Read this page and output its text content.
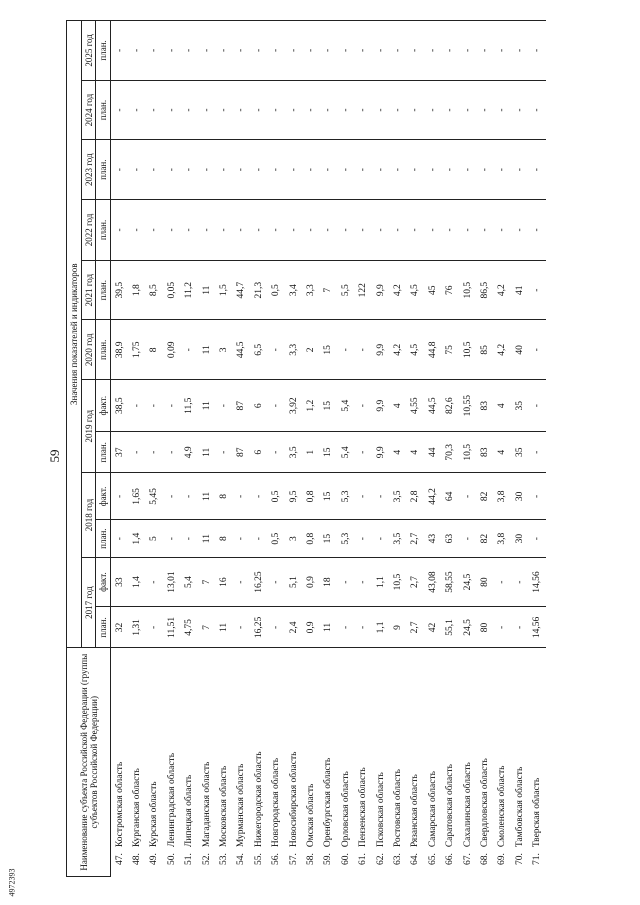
59
4972393
Наименование субъекта Российской Федерации (группы субъектов Российской Федерации)		Значения показателей и индикаторов											
		2017 год		2018 год		2019 год		2020 год	2021 год	2022 год	2023 год	2024 год	2025 год
		план.	факт.	план.	факт.	план.	факт.	план.	план.	план.	план.	план.	план.
47.	Костромская область	32	33	-	-	37	38,5	38,9	39,5	-	-	-	-
48.	Курганская область	1,31	1,4	1,4	1,65	-	-	1,75	1,8	-	-	-	-
49.	Курская область	-	-	5	5,45	-	-	8	8,5	-	-	-	-
50.	Ленинградская область	11,51	13,01	-	-	-	-	0,09	0,05	-	-	-	-
51.	Липецкая область	4,75	5,4	-	-	4,9	11,5	-	11,2	-	-	-	-
52.	Магаданская область	7	7	11	11	11	11	11	11	-	-	-	-
53.	Московская область	11	16	8	8	-	-	3	1,5	-	-	-	-
54.	Мурманская область	-	-	-	-	87	87	44,5	44,7	-	-	-	-
55.	Нижегородская область	16,25	16,25	-	-	6	6	6,5	21,3	-	-	-	-
56.	Новгородская область	-	-	0,5	0,5	-	-	-	0,5	-	-	-	-
57.	Новосибирская область	2,4	5,1	3	9,5	3,5	3,92	3,3	3,4	-	-	-	-
58.	Омская область	0,9	0,9	0,8	0,8	1	1,2	2	3,3	-	-	-	-
59.	Оренбургская область	11	18	15	15	15	15	15	7	-	-	-	-
60.	Орловская область	-	-	5,3	5,3	5,4	5,4	-	5,5	-	-	-	-
61.	Пензенская область	-	-	-	-	-	-	-	122	-	-	-	-
62.	Псковская область	1,1	1,1	-	-	9,9	9,9	9,9	9,9	-	-	-	-
63.	Ростовская область	9	10,5	3,5	3,5	4	4	4,2	4,2	-	-	-	-
64.	Рязанская область	2,7	2,7	2,7	2,8	4	4,55	4,5	4,5	-	-	-	-
65.	Самарская область	42	43,08	43	44,2	44	44,5	44,8	45	-	-	-	-
66.	Саратовская область	55,1	58,55	63	64	70,3	82,6	75	76	-	-	-	-
67.	Сахалинская область	24,5	24,5	-	-	10,5	10,55	10,5	10,5	-	-	-	-
68.	Свердловская область	80	80	82	82	83	83	85	86,5	-	-	-	-
69.	Смоленская область	-	-	3,8	3,8	4	4	4,2	4,2	-	-	-	-
70.	Тамбовская область	-	-	30	30	35	35	40	41	-	-	-	-
71.	Тверская область	14,56	14,56	-	-	-	-	-	-	-	-	-	-
